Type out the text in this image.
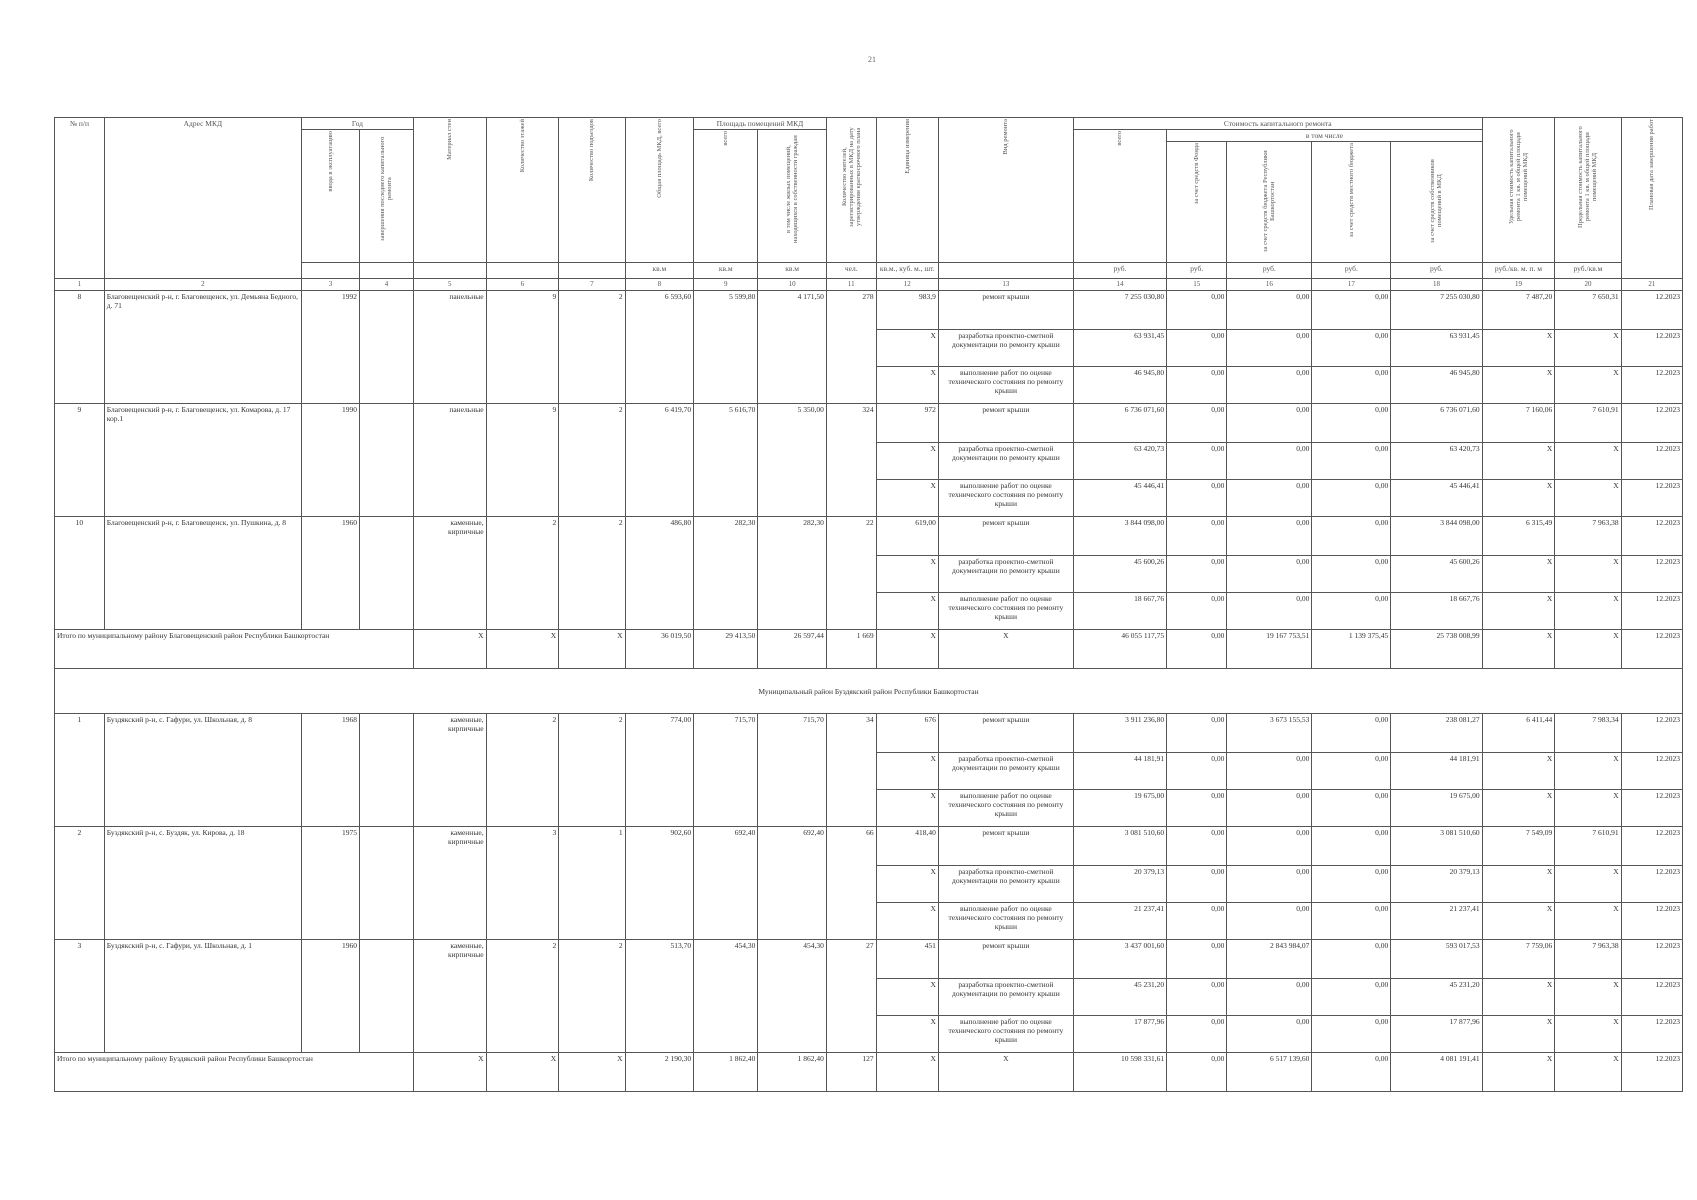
21
№ п/п	Адрес МКД	Год		Материал стен	Количество этажей	Количество подъездов	Общая площадь МКД, всего	Площадь помещений МКД		Количество жителей, зарегистрированных в МКД на дату утверждения краткосрочного плана	Единица измерения	Вид ремонта	Стоимость капитального ремонта					Удельная стоимость капитального ремонта 1 кв. м общей площади помещений МКД	Предельная стоимость капитального ремонта 1 кв. м общей площади помещений МКД	Плановая дата завершения работ
		ввода в эксплуатацию	завершения последнего капитального ремонта					всего	в том числе жилых помещений, находящихся в собственности граждан				всего	в том числе						
														за счет средств Фонда	за счет средств бюджета Республики Башкортостан	за счет средств местного бюджета	за счет средств собственников помещений в МКД			
							кв.м	кв.м	кв.м	чел.	кв.м., куб. м., шт.		руб.	руб.	руб.	руб.	руб.	руб./кв. м. п. м	руб./кв.м	
1	2	3	4	5	6	7	8	9	10	11	12	13	14	15	16	17	18	19	20	21
8	Благовещенский р-н, г. Благовещенск, ул. Демьяна Бедного, д. 71	1992		панельные	9	2	6 593,60	5 599,80	4 171,50	278	983,9	ремонт крыши	7 255 030,80	0,00	0,00	0,00	7 255 030,80	7 487,20	7 650,31	12.2023
											X	разработка проектно-сметной документации по ремонту крыши	63 931,45	0,00	0,00	0,00	63 931,45	X	X	12.2023
											X	выполнение работ по оценке технического состояния по ремонту крыши	46 945,80	0,00	0,00	0,00	46 945,80	X	X	12.2023
9	Благовещенский р-н, г. Благовещенск, ул. Комарова, д. 17 кор.1	1990		панельные	9	2	6 419,70	5 616,70	5 350,00	324	972	ремонт крыши	6 736 071,60	0,00	0,00	0,00	6 736 071,60	7 160,06	7 610,91	12.2023
											X	разработка проектно-сметной документации по ремонту крыши	63 420,73	0,00	0,00	0,00	63 420,73	X	X	12.2023
											X	выполнение работ по оценке технического состояния по ремонту крыши	45 446,41	0,00	0,00	0,00	45 446,41	X	X	12.2023
10	Благовещенский р-н, г. Благовещенск, ул. Пушкина, д. 8	1960		каменные, кирпичные	2	2	486,80	282,30	282,30	22	619,00	ремонт крыши	3 844 098,00	0,00	0,00	0,00	3 844 098,00	6 315,49	7 963,38	12.2023
											X	разработка проектно-сметной документации по ремонту крыши	45 600,26	0,00	0,00	0,00	45 600,26	X	X	12.2023
											X	выполнение работ по оценке технического состояния по ремонту крыши	18 667,76	0,00	0,00	0,00	18 667,76	X	X	12.2023
Итого по муниципальному району Благовещенский район Республики Башкортостан				X	X	X	36 019,50	29 413,50	26 597,44	1 669	X	X	46 055 117,75	0,00	19 167 753,51	1 139 375,45	25 738 008,99	X	X	12.2023
Муниципальный район Буздякский район Республики Башкортостан																				
1	Буздякский р-н, с. Гафури, ул. Школьная, д. 8	1968		каменные, кирпичные	2	2	774,00	715,70	715,70	34	676	ремонт крыши	3 911 236,80	0,00	3 673 155,53	0,00	238 081,27	6 411,44	7 983,34	12.2023
											X	разработка проектно-сметной документации по ремонту крыши	44 181,91	0,00	0,00	0,00	44 181,91	X	X	12.2023
											X	выполнение работ по оценке технического состояния по ремонту крыши	19 675,00	0,00	0,00	0,00	19 675,00	X	X	12.2023
2	Буздякский р-н, с. Буздяк, ул. Кирова, д. 18	1975		каменные, кирпичные	3	1	902,60	692,40	692,40	66	418,40	ремонт крыши	3 081 510,60	0,00	0,00	0,00	3 081 510,60	7 549,09	7 610,91	12.2023
											X	разработка проектно-сметной документации по ремонту крыши	20 379,13	0,00	0,00	0,00	20 379,13	X	X	12.2023
											X	выполнение работ по оценке технического состояния по ремонту крыши	21 237,41	0,00	0,00	0,00	21 237,41	X	X	12.2023
3	Буздякский р-н, с. Гафури, ул. Школьная, д. 1	1960		каменные, кирпичные	2	2	513,70	454,30	454,30	27	451	ремонт крыши	3 437 001,60	0,00	2 843 984,07	0,00	593 017,53	7 759,06	7 963,38	12.2023
											X	разработка проектно-сметной документации по ремонту крыши	45 231,20	0,00	0,00	0,00	45 231,20	X	X	12.2023
											X	выполнение работ по оценке технического состояния по ремонту крыши	17 877,96	0,00	0,00	0,00	17 877,96	X	X	12.2023
Итого по муниципальному району Буздякский район Республики Башкортостан				X	X	X	2 190,30	1 862,40	1 862,40	127	X	X	10 598 331,61	0,00	6 517 139,60	0,00	4 081 191,41	X	X	12.2023
